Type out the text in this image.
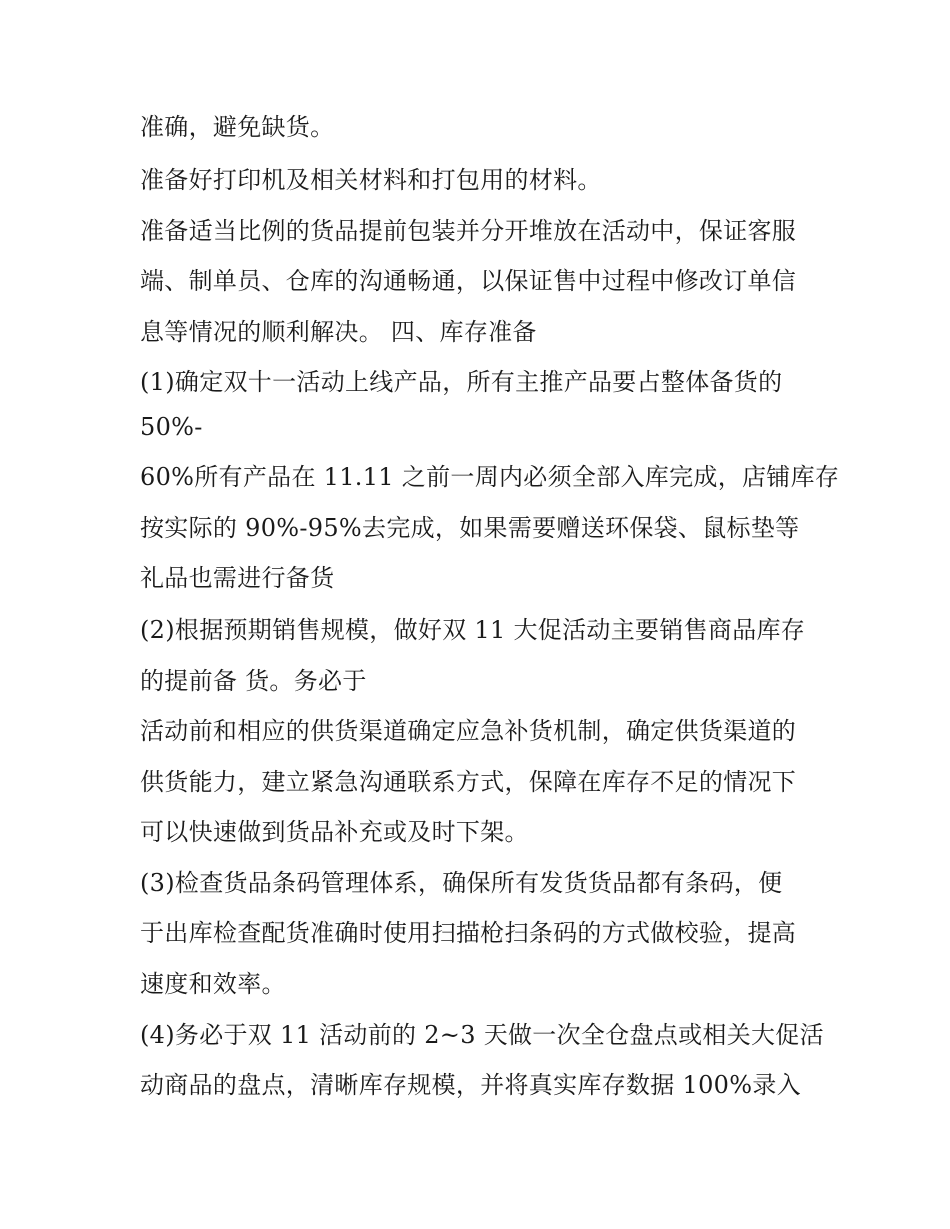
准确，避免缺货。
准备好打印机及相关材料和打包用的材料。
准备适当比例的货品提前包装并分开堆放在活动中，保证客服
端、制单员、仓库的沟通畅通，以保证售中过程中修改订单信
息等情况的顺利解决。 四、库存准备
(1)确定双十一活动上线产品，所有主推产品要占整体备货的
50%-
60%所有产品在 11.11 之前一周内必须全部入库完成，店铺库存
按实际的 90%-95%去完成，如果需要赠送环保袋、鼠标垫等
礼品也需进行备货
(2)根据预期销售规模，做好双 11 大促活动主要销售商品库存
的提前备 货。务必于
活动前和相应的供货渠道确定应急补货机制，确定供货渠道的
供货能力，建立紧急沟通联系方式，保障在库存不足的情况下
可以快速做到货品补充或及时下架。
(3)检查货品条码管理体系，确保所有发货货品都有条码，便
于出库检查配货准确时使用扫描枪扫条码的方式做校验，提高
速度和效率。
(4)务必于双 11 活动前的 2~3 天做一次全仓盘点或相关大促活
动商品的盘点，清晰库存规模，并将真实库存数据 100%录入
